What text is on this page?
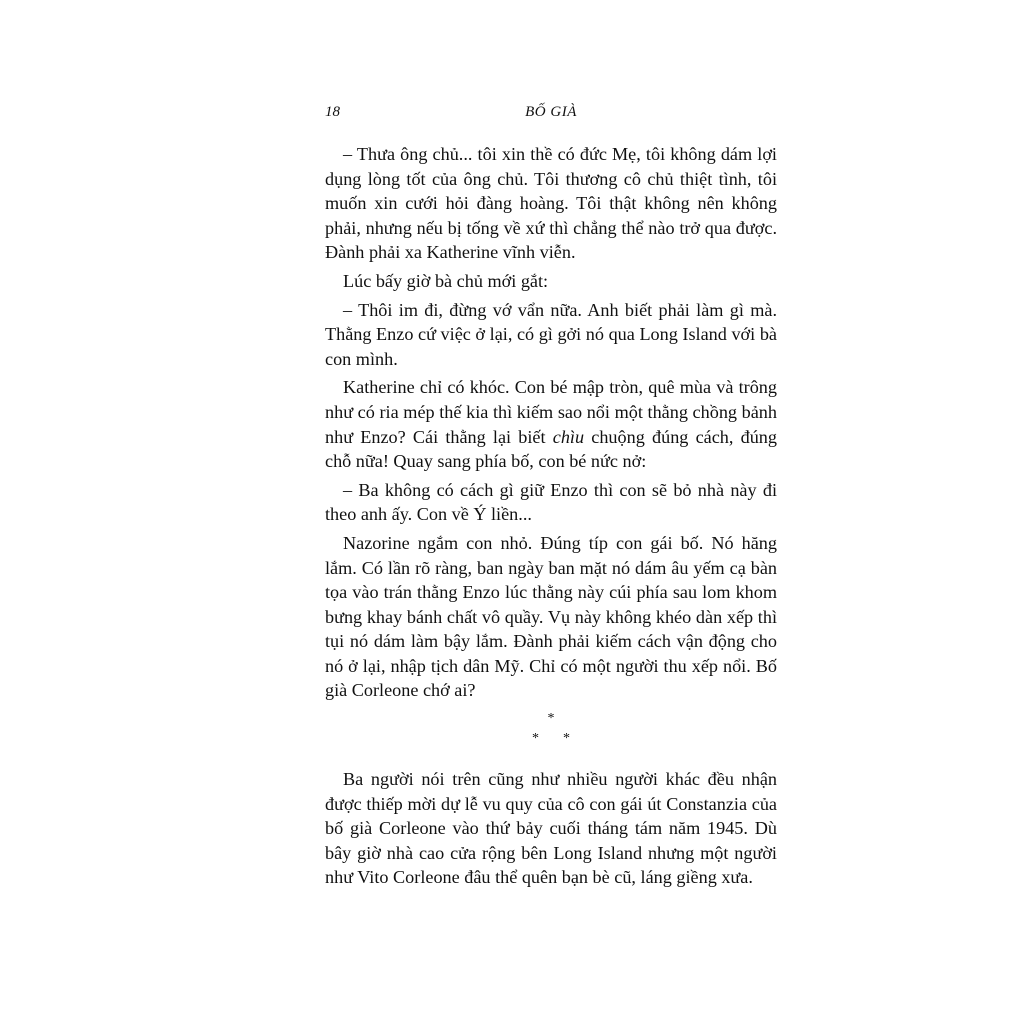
18	BỐ GIÀ

– Thưa ông chủ... tôi xin thề có đức Mẹ, tôi không dám lợi dụng lòng tốt của ông chủ. Tôi thương cô chủ thiệt tình, tôi muốn xin cưới hỏi đàng hoàng. Tôi thật không nên không phải, nhưng nếu bị tống về xứ thì chẳng thể nào trở qua được. Đành phải xa Katherine vĩnh viễn.

Lúc bấy giờ bà chủ mới gắt:

– Thôi im đi, đừng vớ vẩn nữa. Anh biết phải làm gì mà. Thằng Enzo cứ việc ở lại, có gì gởi nó qua Long Island với bà con mình.

Katherine chỉ có khóc. Con bé mập tròn, quê mùa và trông như có ria mép thế kia thì kiếm sao nổi một thằng chồng bảnh như Enzo? Cái thằng lại biết chìu chuộng đúng cách, đúng chỗ nữa! Quay sang phía bố, con bé nức nở:

– Ba không có cách gì giữ Enzo thì con sẽ bỏ nhà này đi theo anh ấy. Con về Ý liền...

Nazorine ngắm con nhỏ. Đúng típ con gái bố. Nó hăng lắm. Có lần rõ ràng, ban ngày ban mặt nó dám âu yếm cạ bàn tọa vào trán thằng Enzo lúc thằng này cúi phía sau lom khom bưng khay bánh chất vô quầy. Vụ này không khéo dàn xếp thì tụi nó dám làm bậy lắm. Đành phải kiếm cách vận động cho nó ở lại, nhập tịch dân Mỹ. Chỉ có một người thu xếp nổi. Bố già Corleone chớ ai?

*
* *

Ba người nói trên cũng như nhiều người khác đều nhận được thiếp mời dự lễ vu quy của cô con gái út Constanzia của bố già Corleone vào thứ bảy cuối tháng tám năm 1945. Dù bây giờ nhà cao cửa rộng bên Long Island nhưng một người như Vito Corleone đâu thể quên bạn bè cũ, láng giềng xưa.
